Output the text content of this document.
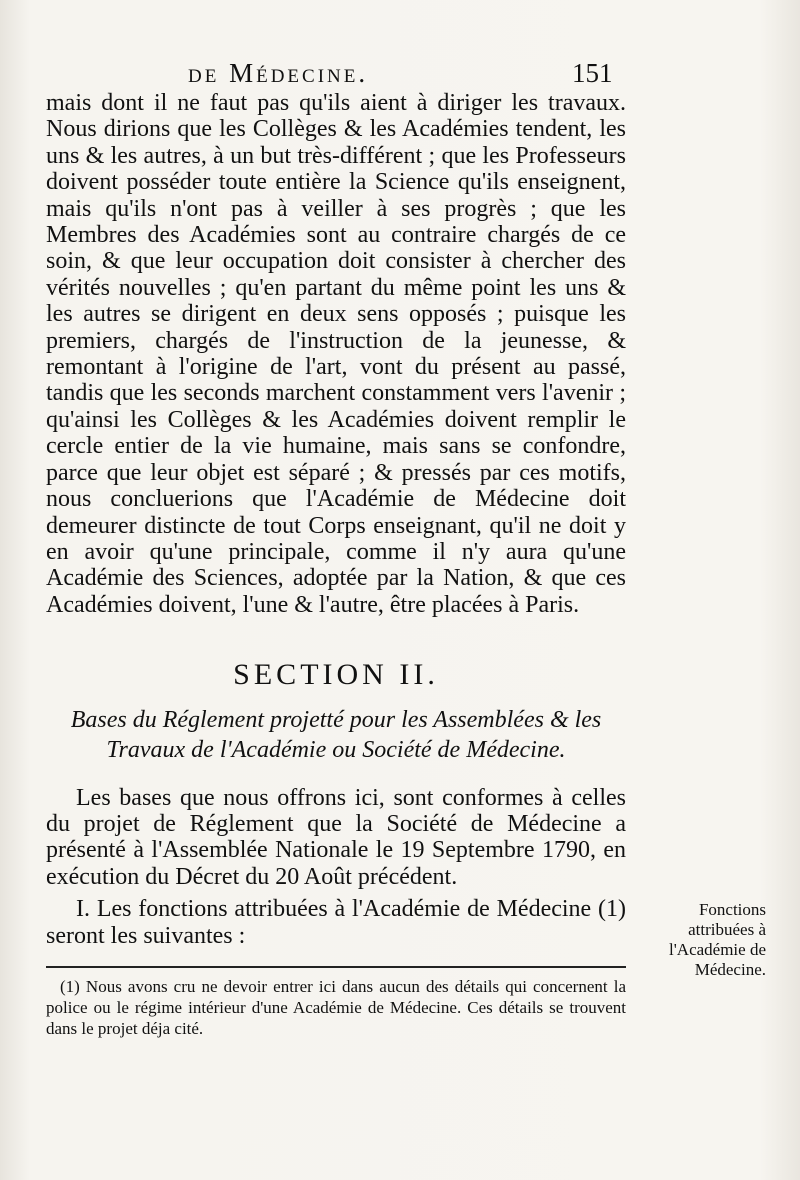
de Médecine.	151

mais dont il ne faut pas qu'ils aient à diriger les travaux. Nous dirions que les Collèges & les Académies tendent, les uns & les autres, à un but très-différent ; que les Professeurs doivent posséder toute entière la Science qu'ils enseignent, mais qu'ils n'ont pas à veiller à ses progrès ; que les Membres des Académies sont au contraire chargés de ce soin, & que leur occupation doit consister à chercher des vérités nouvelles ; qu'en partant du même point les uns & les autres se dirigent en deux sens opposés ; puisque les premiers, chargés de l'instruction de la jeunesse, & remontant à l'origine de l'art, vont du présent au passé, tandis que les seconds marchent constamment vers l'avenir ; qu'ainsi les Collèges & les Académies doivent remplir le cercle entier de la vie humaine, mais sans se confondre, parce que leur objet est séparé ; & pressés par ces motifs, nous concluerions que l'Académie de Médecine doit demeurer distincte de tout Corps enseignant, qu'il ne doit y en avoir qu'une principale, comme il n'y aura qu'une Académie des Sciences, adoptée par la Nation, & que ces Académies doivent, l'une & l'autre, être placées à Paris.

SECTION II.
Bases du Réglement projetté pour les Assemblées & les Travaux de l'Académie ou Société de Médecine.

Les bases que nous offrons ici, sont conformes à celles du projet de Réglement que la Société de Médecine a présenté à l'Assemblée Nationale le 19 Septembre 1790, en exécution du Décret du 20 Août précédent.

I. Les fonctions attribuées à l'Académie de Médecine (1) seront les suivantes :

Fonctions attribuées à l'Académie de Médecine.

(1) Nous avons cru ne devoir entrer ici dans aucun des détails qui concernent la police ou le régime intérieur d'une Académie de Médecine. Ces détails se trouvent dans le projet déja cité.
